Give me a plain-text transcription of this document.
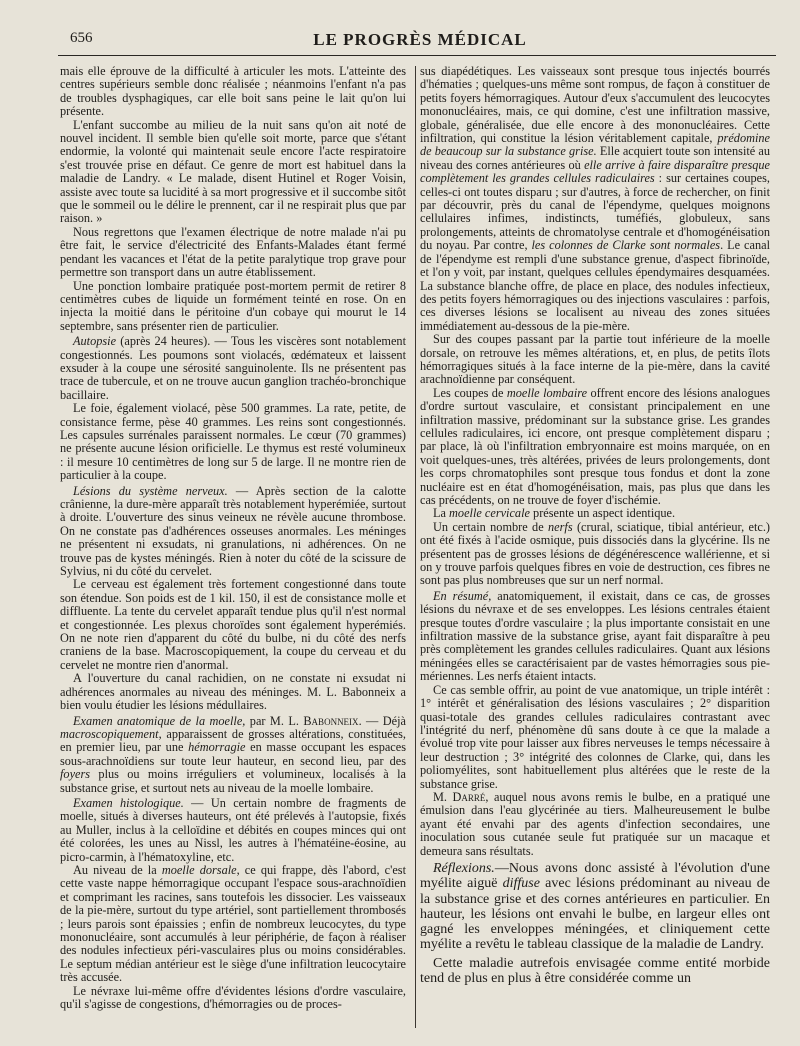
656	LE PROGRÈS MÉDICAL

mais elle éprouve de la difficulté à articuler les mots. L'atteinte des centres supérieurs semble donc réalisée ; néanmoins l'enfant n'a pas de troubles dysphagiques, car elle boit sans peine le lait qu'on lui présente.

L'enfant succombe au milieu de la nuit sans qu'on ait noté de nouvel incident. Il semble bien qu'elle soit morte, parce que s'étant endormie, la volonté qui maintenait seule encore l'acte respiratoire s'est trouvée prise en défaut. Ce genre de mort est habituel dans la maladie de Landry. « Le malade, disent Hutinel et Roger Voisin, assiste avec toute sa lucidité à sa mort progressive et il succombe sitôt que le sommeil ou le délire le prennent, car il ne respirait plus que par raison. »

Nous regrettons que l'examen électrique de notre malade n'ai pu être fait, le service d'électricité des Enfants-Malades étant fermé pendant les vacances et l'état de la petite paralytique trop grave pour permettre son transport dans un autre établissement.

Une ponction lombaire pratiquée post-mortem permit de retirer 8 centimètres cubes de liquide un formément teinté en rose. On en injecta la moitié dans le péritoine d'un cobaye qui mourut le 14 septembre, sans présenter rien de particulier.

Autopsie (après 24 heures). — Tous les viscères sont notablement congestionnés. Les poumons sont violacés, œdémateux et laissent exsuder à la coupe une sérosité sanguinolente. Ils ne présentent pas trace de tubercule, et on ne trouve aucun ganglion trachéo-bronchique bacillaire.

Le foie, également violacé, pèse 500 grammes. La rate, petite, de consistance ferme, pèse 40 grammes. Les reins sont congestionnés. Les capsules surrénales paraissent normales. Le cœur (70 grammes) ne présente aucune lésion orificielle. Le thymus est resté volumineux : il mesure 10 centimètres de long sur 5 de large. Il ne montre rien de particulier à la coupe.

Lésions du système nerveux. — Après section de la calotte crânienne, la dure-mère apparaît très notablement hyperémiée, surtout à droite. L'ouverture des sinus veineux ne révèle aucune thrombose. On ne constate pas d'adhérences osseuses anormales. Les méninges ne présentent ni exsudats, ni granulations, ni adhérences. On ne trouve pas de kystes méningés. Rien à noter du côté de la scissure de Sylvius, ni du côté du cervelet.

Le cerveau est également très fortement congestionné dans toute son étendue. Son poids est de 1 kil. 150, il est de consistance molle et diffluente. La tente du cervelet apparaît tendue plus qu'il n'est normal et congestionnée. Les plexus choroïdes sont également hyperémiés. On ne note rien d'apparent du côté du bulbe, ni du côté des nerfs craniens de la base. Macroscopiquement, la coupe du cerveau et du cervelet ne montre rien d'anormal.

A l'ouverture du canal rachidien, on ne constate ni exsudat ni adhérences anormales au niveau des méninges. M. L. Babonneix a bien voulu étudier les lésions médullaires.

Examen anatomique de la moelle, par M. L. Babonneix. — Déjà macroscopiquement, apparaissent de grosses altérations, constituées, en premier lieu, par une hémorragie en masse occupant les espaces sous-arachnoïdiens sur toute leur hauteur, en second lieu, par des foyers plus ou moins irréguliers et volumineux, localisés à la substance grise, et surtout nets au niveau de la moelle lombaire.

Examen histologique. — Un certain nombre de fragments de moelle, situés à diverses hauteurs, ont été prélevés à l'autopsie, fixés au Muller, inclus à la celloïdine et débités en coupes minces qui ont été colorées, les unes au Nissl, les autres à l'hématéine-éosine, au picro-carmin, à l'hématoxyline, etc.

Au niveau de la moelle dorsale, ce qui frappe, dès l'abord, c'est cette vaste nappe hémorragique occupant l'espace sous-arachnoïdien et comprimant les racines, sans toutefois les dissocier. Les vaisseaux de la pie-mère, surtout du type artériel, sont partiellement thrombosés ; leurs parois sont épaissies ; enfin de nombreux leucocytes, du type mononucléaire, sont accumulés à leur périphérie, de façon à réaliser des nodules infectieux péri-vasculaires plus ou moins considérables. Le septum médian antérieur est le siège d'une infiltration leucocytaire très accusée.

Le névraxe lui-même offre d'évidentes lésions d'ordre vasculaire, qu'il s'agisse de congestions, d'hémorragies ou de proces-

sus diapédétiques. Les vaisseaux sont presque tous injectés bourrés d'hématies ; quelques-uns même sont rompus, de façon à constituer de petits foyers hémorragiques. Autour d'eux s'accumulent des leucocytes mononucléaires, mais, ce qui domine, c'est une infiltration massive, globale, généralisée, due elle encore à des mononucléaires. Cette infiltration, qui constitue la lésion véritablement capitale, prédomine de beaucoup sur la substance grise. Elle acquiert toute son intensité au niveau des cornes antérieures où elle arrive à faire disparaître presque complètement les grandes cellules radiculaires : sur certaines coupes, celles-ci ont toutes disparu ; sur d'autres, à force de rechercher, on finit par découvrir, près du canal de l'épendyme, quelques moignons cellulaires infimes, indistincts, tuméfiés, globuleux, sans prolongements, atteints de chromatolyse centrale et d'homogénéisation du noyau. Par contre, les colonnes de Clarke sont normales. Le canal de l'épendyme est rempli d'une substance grenue, d'aspect fibrinoïde, et l'on y voit, par instant, quelques cellules épendymaires desquamées. La substance blanche offre, de place en place, des nodules infectieux, des petits foyers hémorragiques ou des injections vasculaires : parfois, ces diverses lésions se localisent au niveau des zones situées immédiatement au-dessous de la pie-mère.

Sur des coupes passant par la partie tout inférieure de la moelle dorsale, on retrouve les mêmes altérations, et, en plus, de petits îlots hémorragiques situés à la face interne de la pie-mère, dans la cavité arachnoïdienne par conséquent.

Les coupes de moelle lombaire offrent encore des lésions analogues d'ordre surtout vasculaire, et consistant principalement en une infiltration massive, prédominant sur la substance grise. Les grandes cellules radiculaires, ici encore, ont presque complètement disparu ; par place, là où l'infiltration embryonnaire est moins marquée, on en voit quelques-unes, très altérées, privées de leurs prolongements, dont les corps chromatophiles sont presque tous fondus et dont la zone nucléaire est en état d'homogénéisation, mais, pas plus que dans les cas précédents, on ne trouve de foyer d'ischémie.

La moelle cervicale présente un aspect identique.

Un certain nombre de nerfs (crural, sciatique, tibial antérieur, etc.) ont été fixés à l'acide osmique, puis dissociés dans la glycérine. Ils ne présentent pas de grosses lésions de dégénérescence wallérienne, et si on y trouve parfois quelques fibres en voie de destruction, ces fibres ne sont pas plus nombreuses que sur un nerf normal.

En résumé, anatomiquement, il existait, dans ce cas, de grosses lésions du névraxe et de ses enveloppes. Les lésions centrales étaient presque toutes d'ordre vasculaire ; la plus importante consistait en une infiltration massive de la substance grise, ayant fait disparaître à peu près complètement les grandes cellules radiculaires. Quant aux lésions méningées elles se caractérisaient par de vastes hémorragies sous pie-mériennes. Les nerfs étaient intacts.

Ce cas semble offrir, au point de vue anatomique, un triple intérêt : 1° intérêt et généralisation des lésions vasculaires ; 2° disparition quasi-totale des grandes cellules radiculaires contrastant avec l'intégrité du nerf, phénomène dû sans doute à ce que la malade a évolué trop vite pour laisser aux fibres nerveuses le temps nécessaire à leur destruction ; 3° intégrité des colonnes de Clarke, qui, dans les poliomyélites, sont habituellement plus altérées que le reste de la substance grise.

M. Darré, auquel nous avons remis le bulbe, en a pratiqué une émulsion dans l'eau glycérinée au tiers. Malheureusement le bulbe ayant été envahi par des agents d'infection secondaires, une inoculation sous cutanée seule fut pratiquée sur un macaque et demeura sans résultats.

Réflexions.—Nous avons donc assisté à l'évolution d'une myélite aiguë diffuse avec lésions prédominant au niveau de la substance grise et des cornes antérieures en particulier. En hauteur, les lésions ont envahi le bulbe, en largeur elles ont gagné les enveloppes méningées, et cliniquement cette myélite a revêtu le tableau classique de la maladie de Landry.

Cette maladie autrefois envisagée comme entité morbide tend de plus en plus à être considérée comme un
